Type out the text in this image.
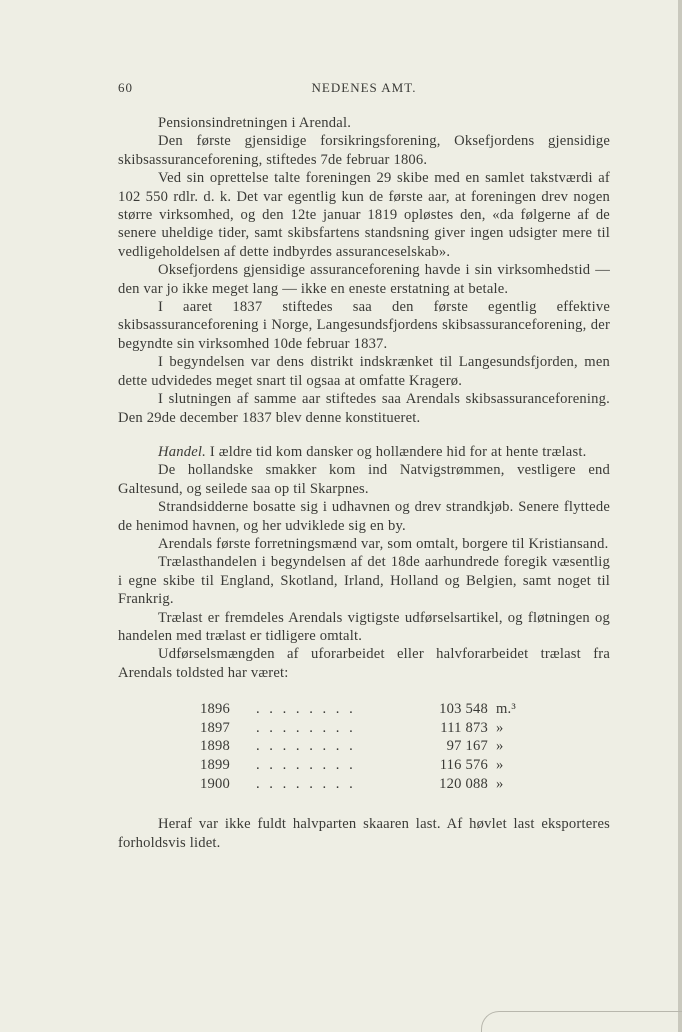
60	NEDENES AMT.

Pensionsindretningen i Arendal.

Den første gjensidige forsikringsforening, Oksefjordens gjensidige skibsassuranceforening, stiftedes 7de februar 1806.

Ved sin oprettelse talte foreningen 29 skibe med en samlet takstværdi af 102 550 rdlr. d. k. Det var egentlig kun de første aar, at foreningen drev nogen større virksomhed, og den 12te januar 1819 opløstes den, «da følgerne af de senere uheldige tider, samt skibsfartens standsning giver ingen udsigter mere til vedligeholdelsen af dette indbyrdes assuranceselskab».

Oksefjordens gjensidige assuranceforening havde i sin virksomhedstid — den var jo ikke meget lang — ikke en eneste erstatning at betale.

I aaret 1837 stiftedes saa den første egentlig effektive skibsassuranceforening i Norge, Langesundsfjordens skibsassuranceforening, der begyndte sin virksomhed 10de februar 1837.

I begyndelsen var dens distrikt indskrænket til Langesundsfjorden, men dette udvidedes meget snart til ogsaa at omfatte Kragerø.

I slutningen af samme aar stiftedes saa Arendals skibsassuranceforening. Den 29de december 1837 blev denne konstitueret.

Handel. I ældre tid kom dansker og hollændere hid for at hente trælast.

De hollandske smakker kom ind Natvigstrømmen, vestligere end Galtesund, og seilede saa op til Skarpnes.

Strandsidderne bosatte sig i udhavnen og drev strandkjøb. Senere flyttede de henimod havnen, og her udviklede sig en by.

Arendals første forretningsmænd var, som omtalt, borgere til Kristiansand.

Trælasthandelen i begyndelsen af det 18de aarhundrede foregik væsentlig i egne skibe til England, Skotland, Irland, Holland og Belgien, samt noget til Frankrig.

Trælast er fremdeles Arendals vigtigste udførselsartikel, og fløtningen og handelen med trælast er tidligere omtalt.

Udførselsmængden af uforarbeidet eller halvforarbeidet trælast fra Arendals toldsted har været:

1896	. . . . . . . .	103 548	m.³
1897	. . . . . . . .	111 873	»
1898	. . . . . . . .	97 167	»
1899	. . . . . . . .	116 576	»
1900	. . . . . . . .	120 088	»

Heraf var ikke fuldt halvparten skaaren last. Af høvlet last eksporteres forholdsvis lidet.
